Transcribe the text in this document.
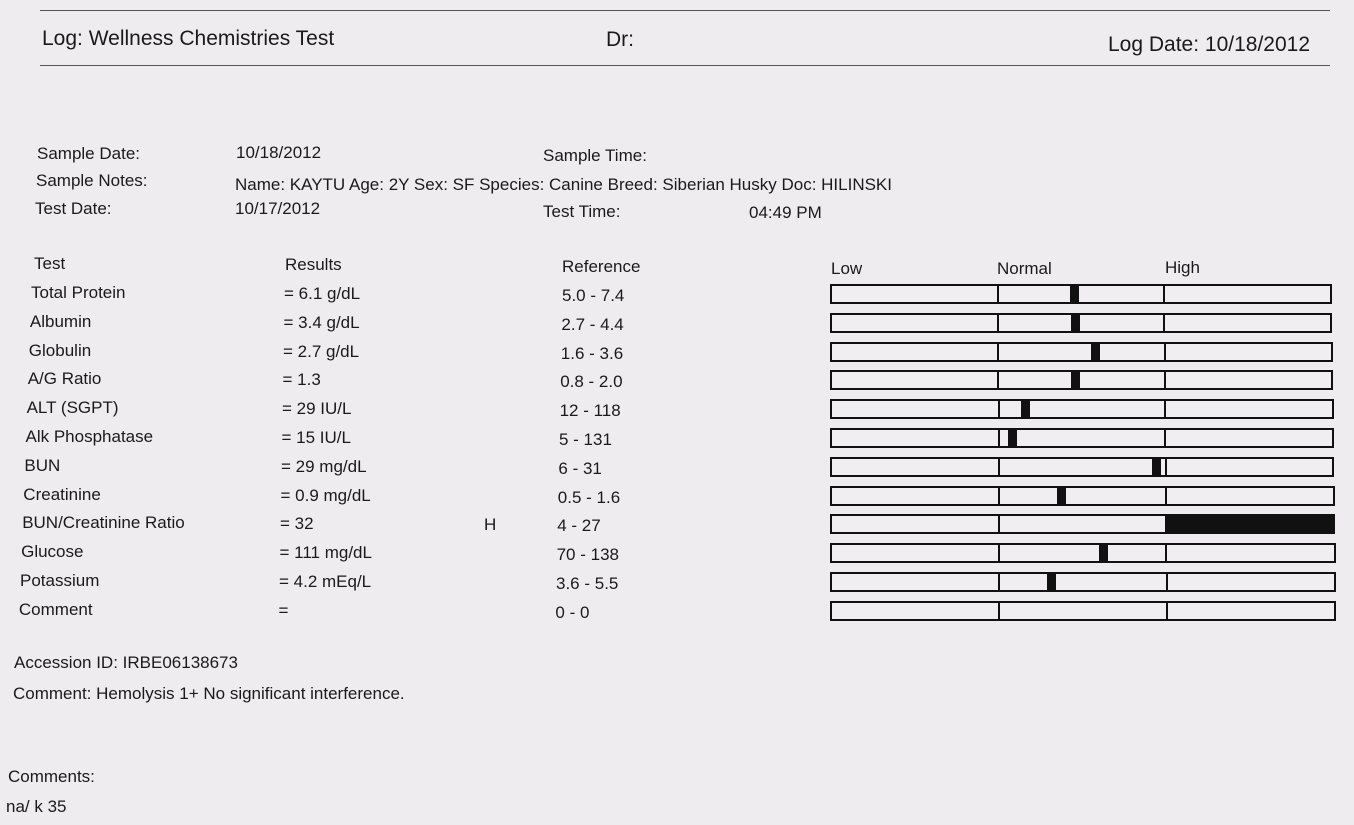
Log: Wellness Chemistries Test	Dr:	Log Date: 10/18/2012
Sample Date:	10/18/2012	Sample Time:
Sample Notes:	Name: KAYTU Age: 2Y Sex: SF Species: Canine Breed: Siberian Husky Doc: HILINSKI
Test Date:	10/17/2012	Test Time:	04:49 PM
Test	Results	Reference	Low	Normal	High
Total Protein	= 6.1 g/dL	5.0 - 7.4
Albumin	= 3.4 g/dL	2.7 - 4.4
Globulin	= 2.7 g/dL	1.6 - 3.6
A/G Ratio	= 1.3	0.8 - 2.0
ALT (SGPT)	= 29 IU/L	12 - 118
Alk Phosphatase	= 15 IU/L	5 - 131
BUN	= 29 mg/dL	6 - 31
Creatinine	= 0.9 mg/dL	0.5 - 1.6
BUN/Creatinine Ratio	= 32	H	4 - 27
Glucose	= 111 mg/dL	70 - 138
Potassium	= 4.2 mEq/L	3.6 - 5.5
Comment	=	0 - 0
Accession ID: IRBE06138673
Comment: Hemolysis 1+ No significant interference.
Comments:
na/ k 35
